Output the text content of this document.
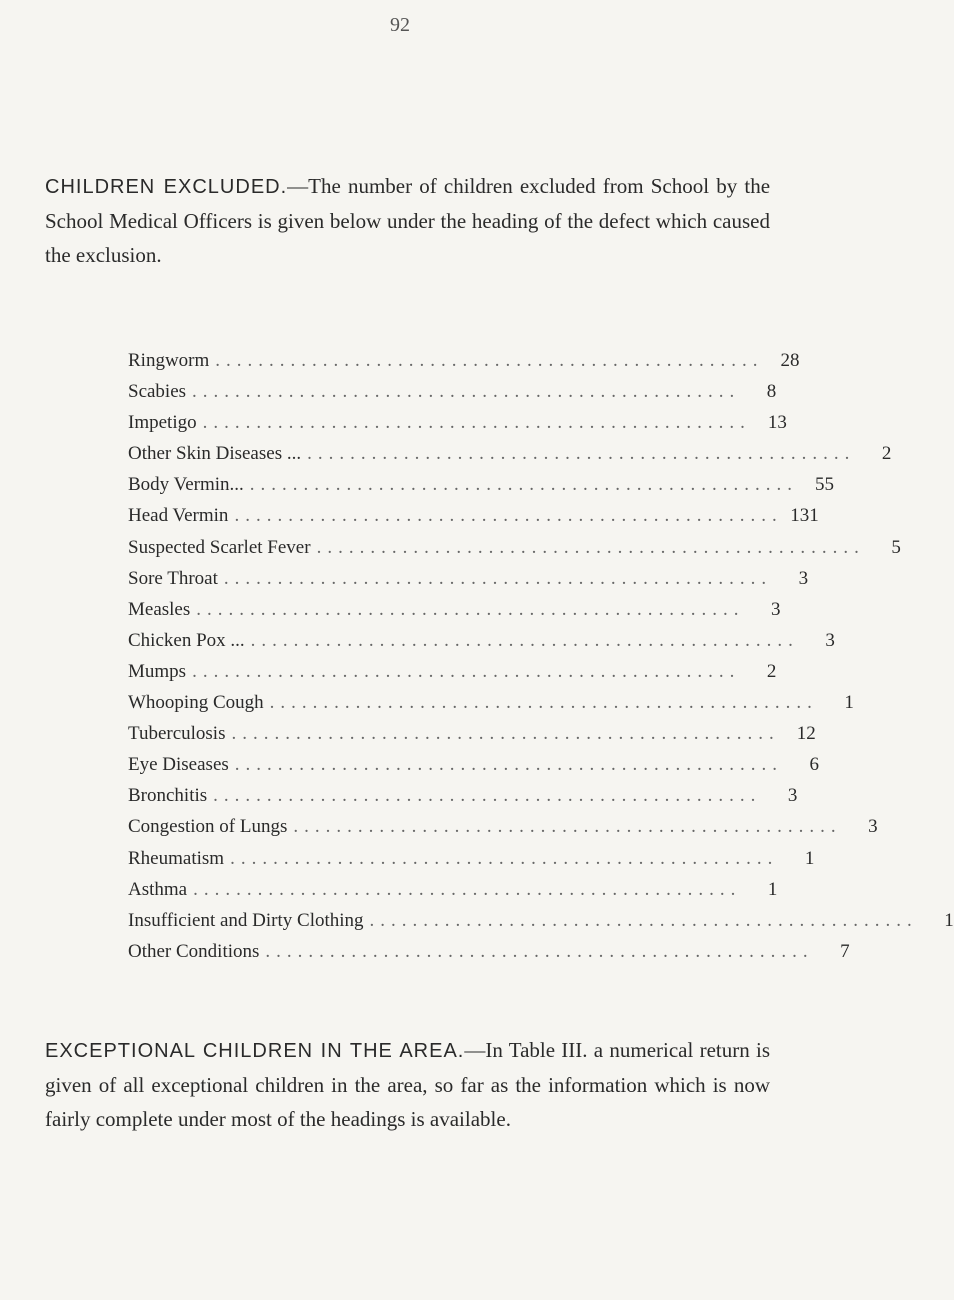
92

CHILDREN EXCLUDED.—The number of children excluded from School by the School Medical Officers is given below under the heading of the defect which caused the exclusion.

Ringworm ................................................... 28
Scabies ...................................................	8
Impetigo ................................................... 13
Other Skin Diseases ... ...................................................	2
Body Vermin... ................................................... 55
Head Vermin ................................................... 131
Suspected Scarlet Fever ...................................................	5
Sore Throat ...................................................	3
Measles ...................................................	3
Chicken Pox ... ...................................................	3
Mumps ...................................................	2
Whooping Cough ...................................................	1
Tuberculosis ................................................... 12
Eye Diseases ...................................................	6
Bronchitis ...................................................	3
Congestion of Lungs ...................................................	3
Rheumatism ...................................................	1
Asthma ...................................................	1
Insufficient and Dirty Clothing ...................................................	1
Other Conditions ...................................................	7

EXCEPTIONAL CHILDREN IN THE AREA.—In Table III. a numerical return is given of all exceptional children in the area, so far as the information which is now fairly complete under most of the headings is available.
